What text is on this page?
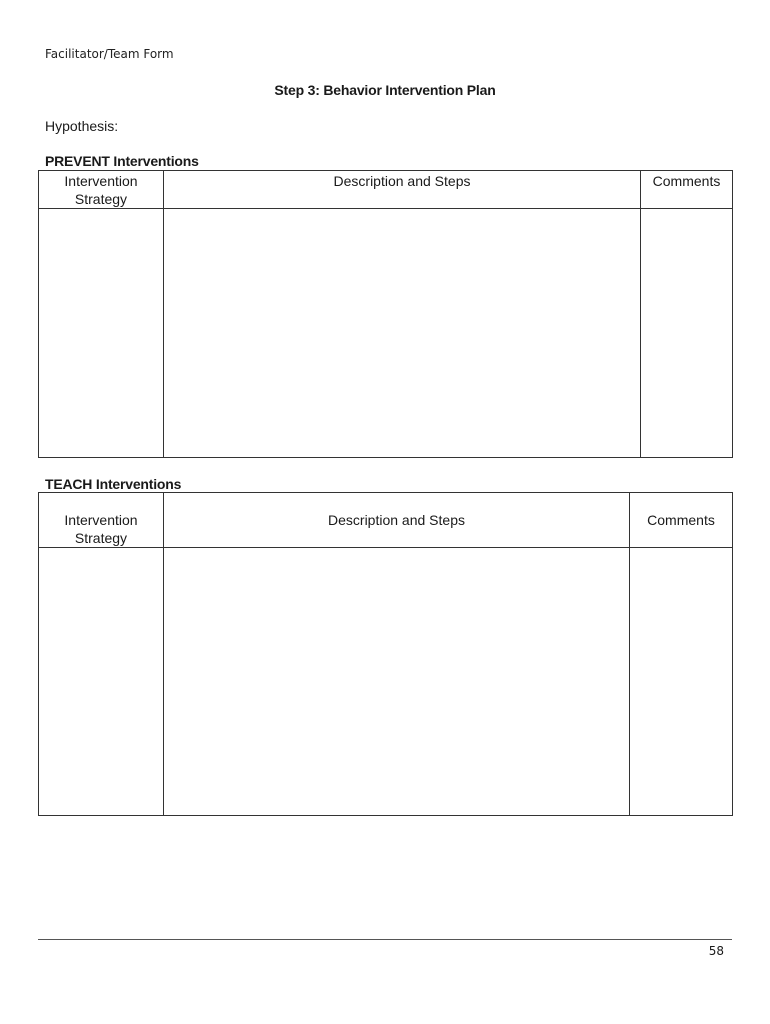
Facilitator/Team Form
Step 3: Behavior Intervention Plan
Hypothesis:
PREVENT Interventions
Intervention Strategy	Description and Steps	Comments

TEACH Interventions
Intervention Strategy	Description and Steps	Comments

58
